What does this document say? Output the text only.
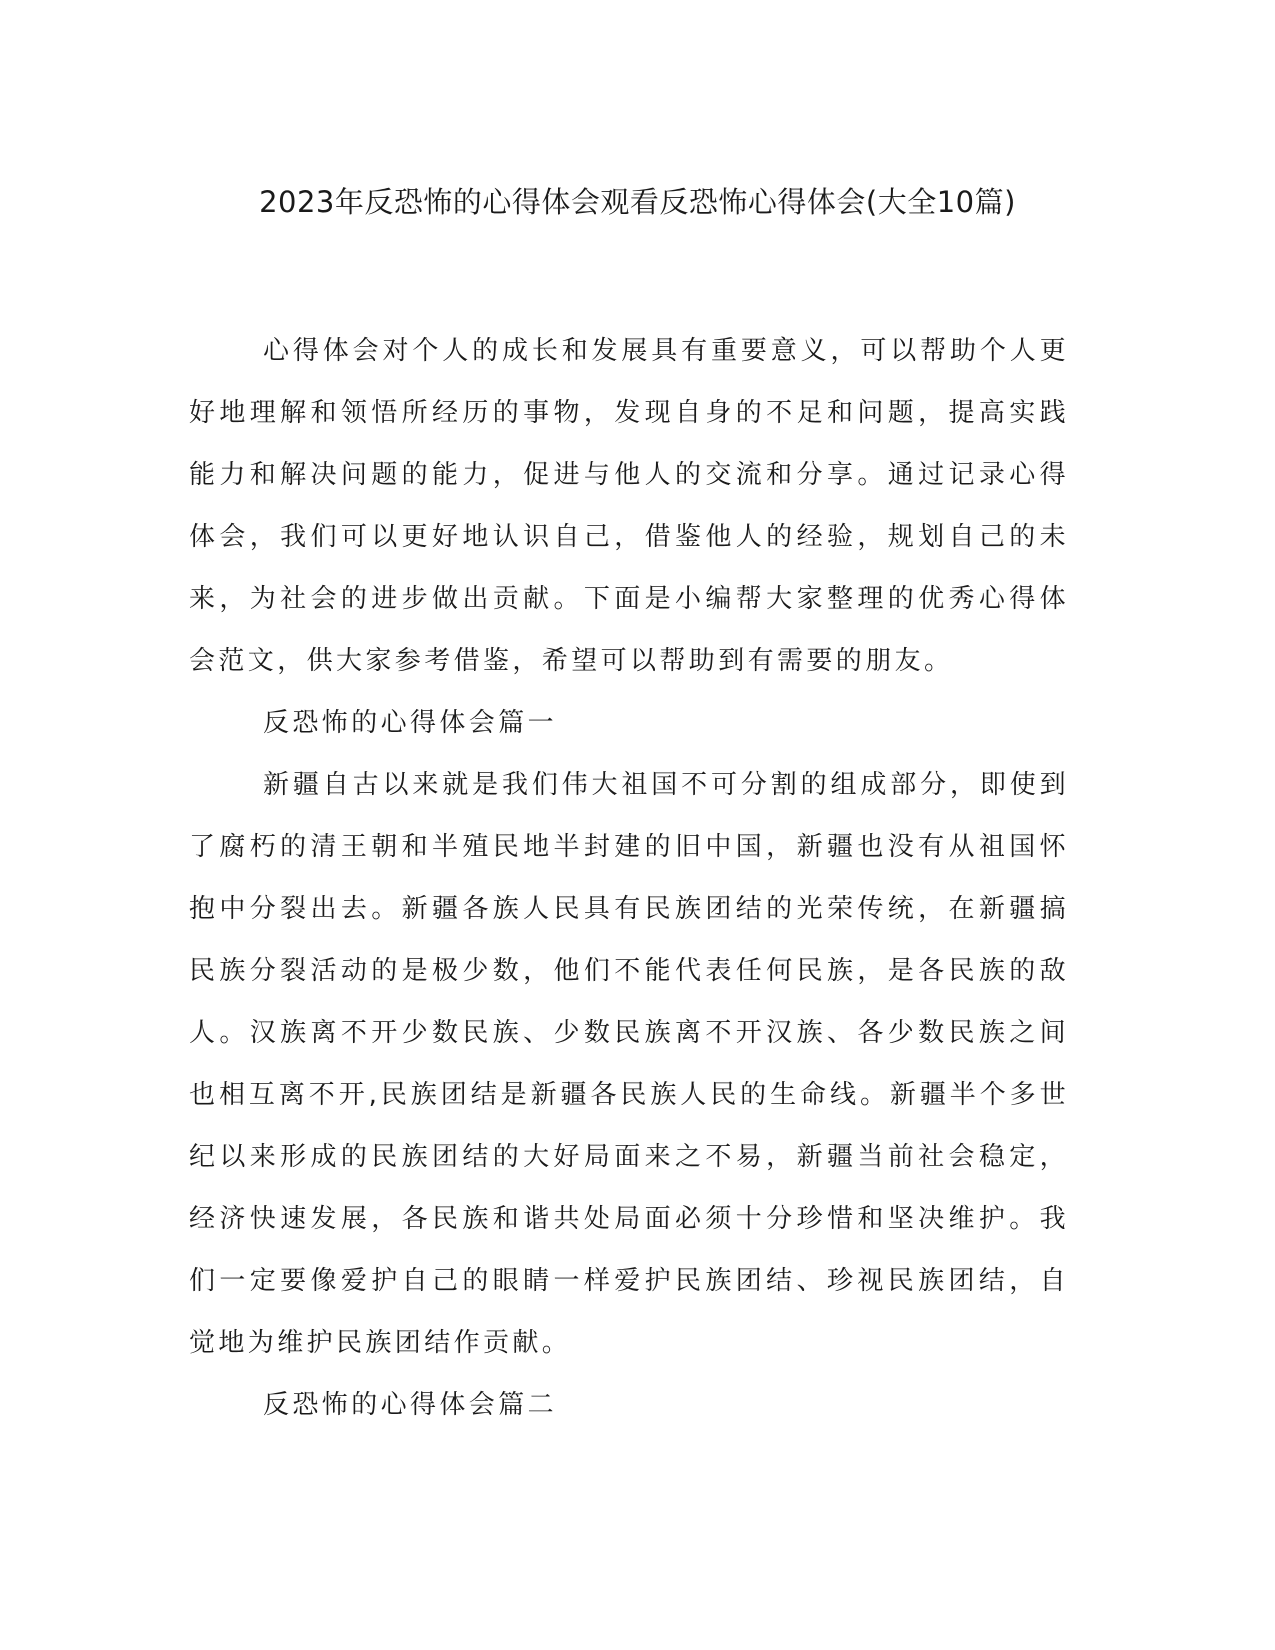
2023年反恐怖的心得体会观看反恐怖心得体会(大全10篇)

心得体会对个人的成长和发展具有重要意义，可以帮助个人更好地理解和领悟所经历的事物，发现自身的不足和问题，提高实践能力和解决问题的能力，促进与他人的交流和分享。通过记录心得体会，我们可以更好地认识自己，借鉴他人的经验，规划自己的未来，为社会的进步做出贡献。下面是小编帮大家整理的优秀心得体会范文，供大家参考借鉴，希望可以帮助到有需要的朋友。

反恐怖的心得体会篇一

新疆自古以来就是我们伟大祖国不可分割的组成部分，即使到了腐朽的清王朝和半殖民地半封建的旧中国，新疆也没有从祖国怀抱中分裂出去。新疆各族人民具有民族团结的光荣传统，在新疆搞民族分裂活动的是极少数，他们不能代表任何民族，是各民族的敌人。汉族离不开少数民族、少数民族离不开汉族、各少数民族之间也相互离不开,民族团结是新疆各民族人民的生命线。新疆半个多世纪以来形成的民族团结的大好局面来之不易，新疆当前社会稳定，经济快速发展，各民族和谐共处局面必须十分珍惜和坚决维护。我们一定要像爱护自己的眼睛一样爱护民族团结、珍视民族团结，自觉地为维护民族团结作贡献。

反恐怖的心得体会篇二
